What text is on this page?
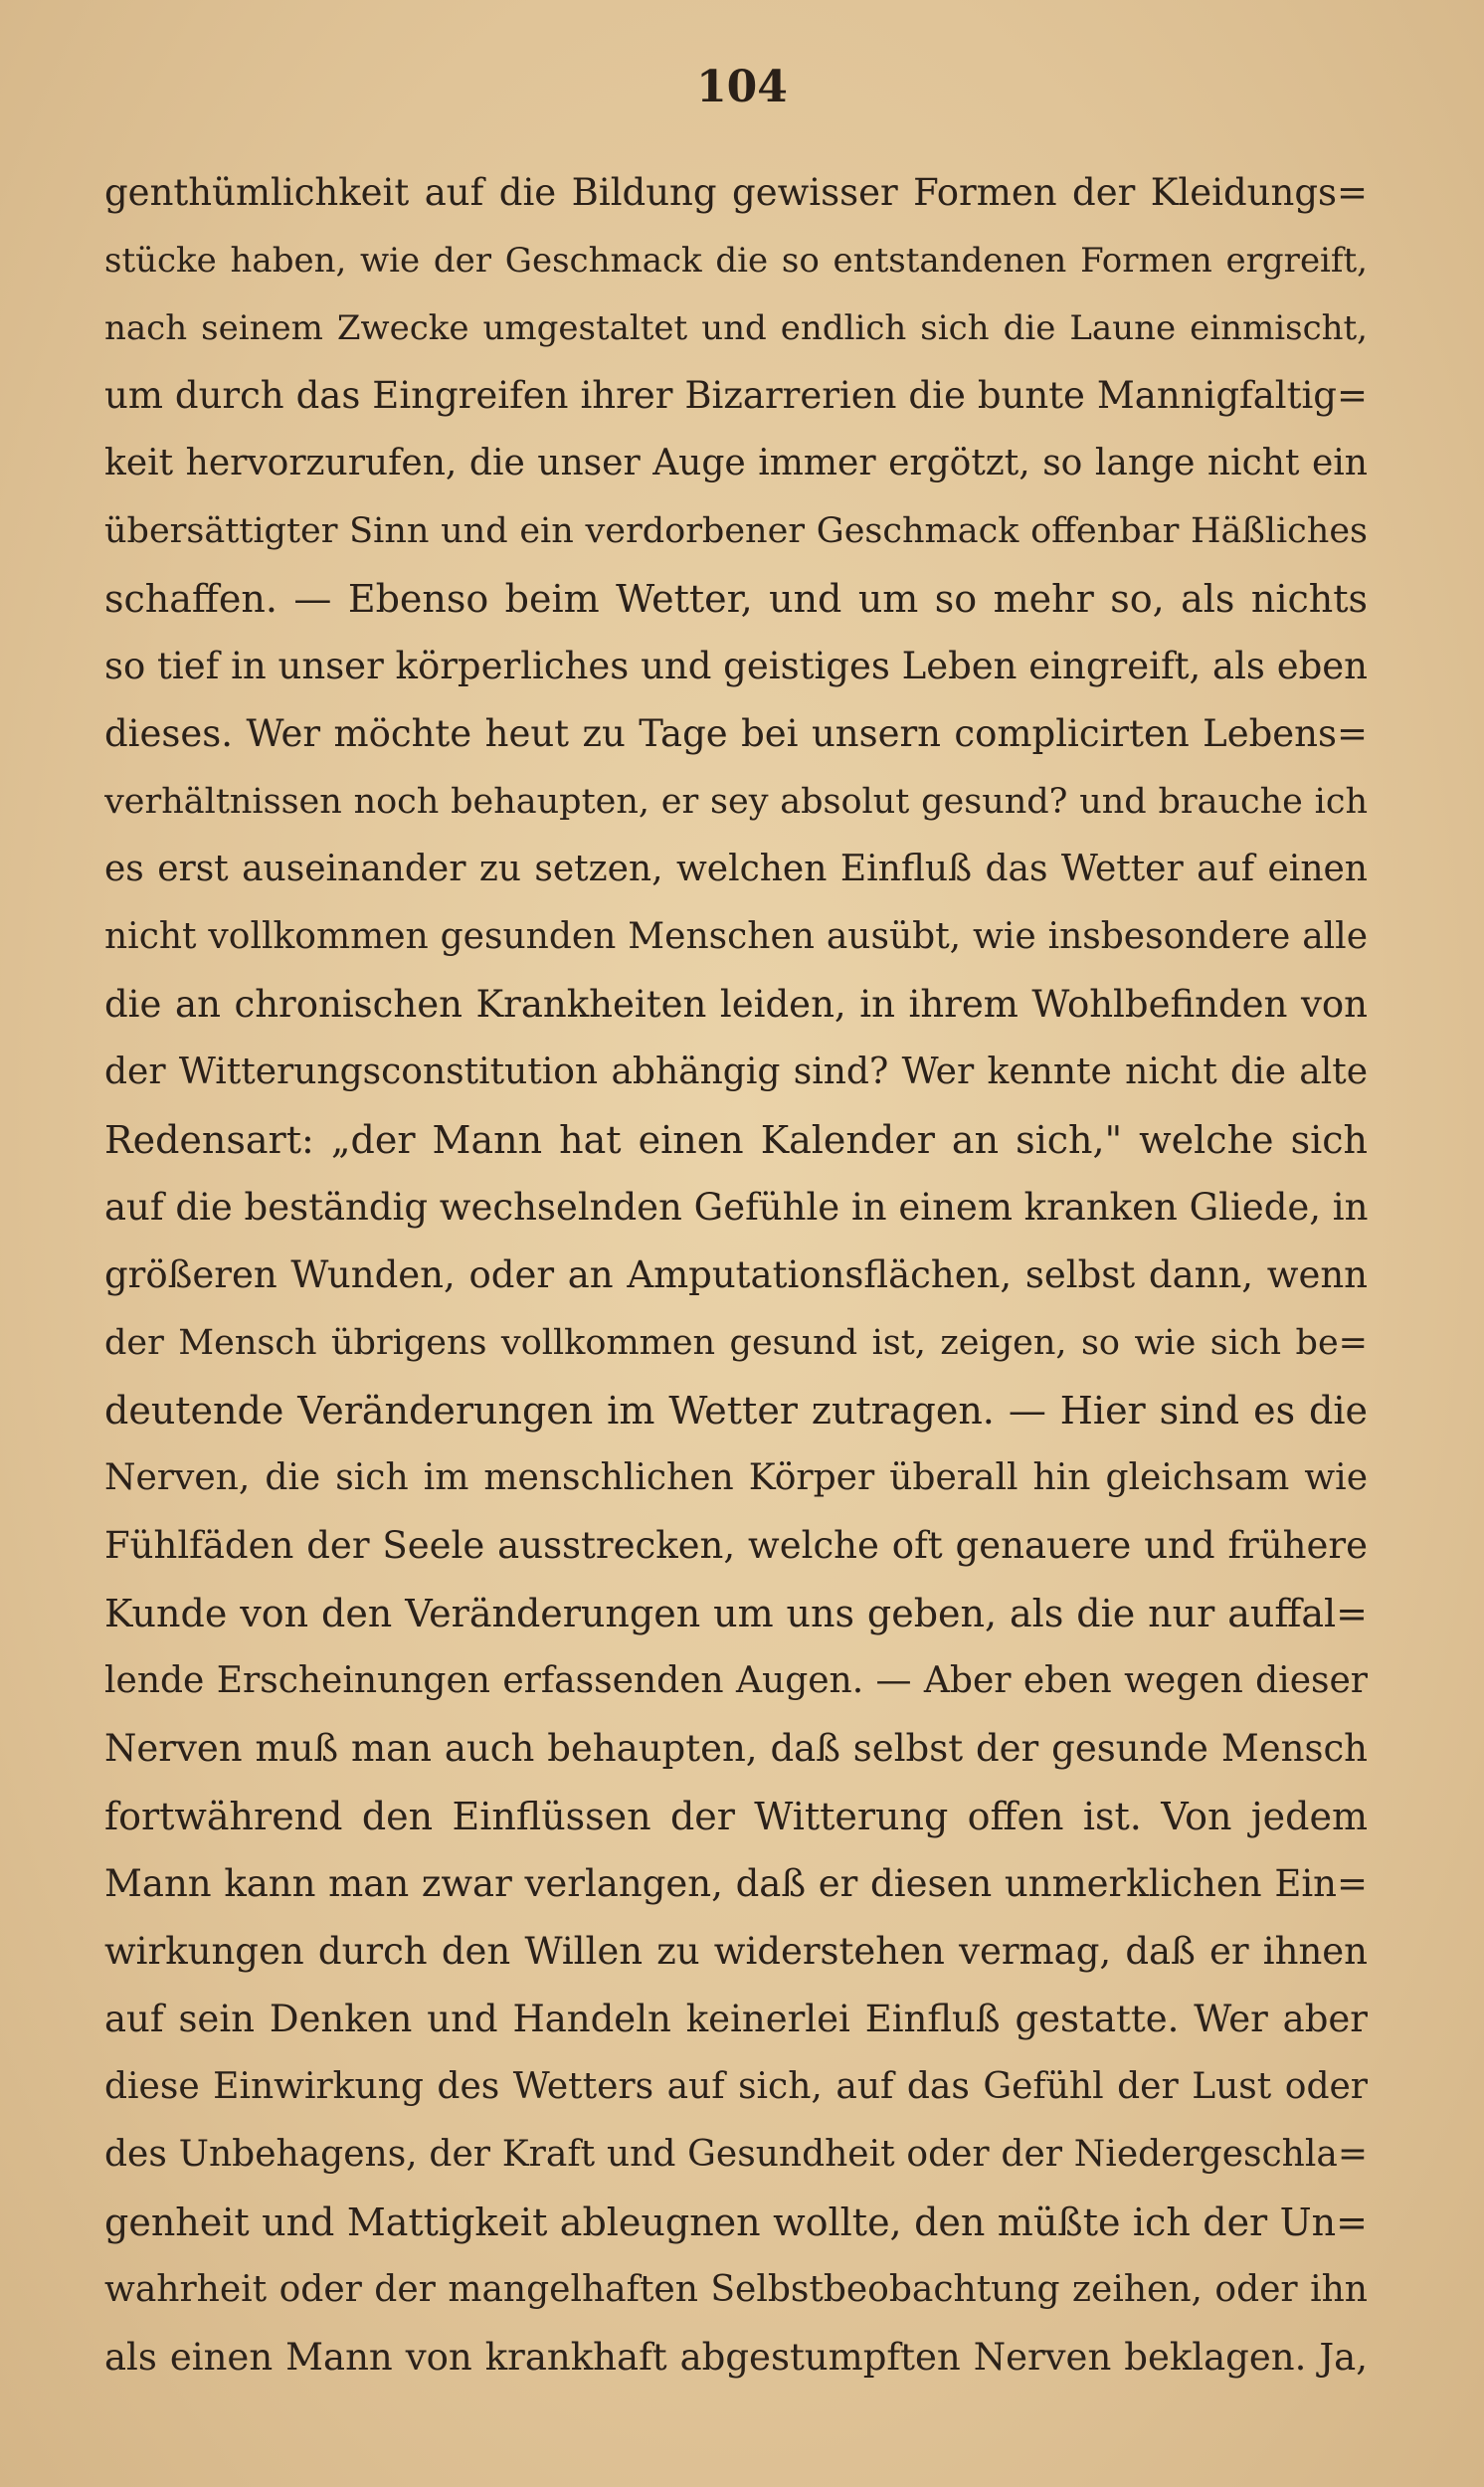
104
genthümlichkeit auf die Bildung gewisser Formen der Kleidungs=
stücke haben, wie der Geschmack die so entstandenen Formen ergreift,
nach seinem Zwecke umgestaltet und endlich sich die Laune einmischt,
um durch das Eingreifen ihrer Bizarrerien die bunte Mannigfaltig=
keit hervorzurufen, die unser Auge immer ergötzt, so lange nicht ein
übersättigter Sinn und ein verdorbener Geschmack offenbar Häßliches
schaffen. — Ebenso beim Wetter, und um so mehr so, als nichts
so tief in unser körperliches und geistiges Leben eingreift, als eben
dieses. Wer möchte heut zu Tage bei unsern complicirten Lebens=
verhältnissen noch behaupten, er sey absolut gesund? und brauche ich
es erst auseinander zu setzen, welchen Einfluß das Wetter auf einen
nicht vollkommen gesunden Menschen ausübt, wie insbesondere alle
die an chronischen Krankheiten leiden, in ihrem Wohlbefinden von
der Witterungsconstitution abhängig sind? Wer kennte nicht die alte
Redensart: „der Mann hat einen Kalender an sich," welche sich
auf die beständig wechselnden Gefühle in einem kranken Gliede, in
größeren Wunden, oder an Amputationsflächen, selbst dann, wenn
der Mensch übrigens vollkommen gesund ist, zeigen, so wie sich be=
deutende Veränderungen im Wetter zutragen. — Hier sind es die
Nerven, die sich im menschlichen Körper überall hin gleichsam wie
Fühlfäden der Seele ausstrecken, welche oft genauere und frühere
Kunde von den Veränderungen um uns geben, als die nur auffal=
lende Erscheinungen erfassenden Augen. — Aber eben wegen dieser
Nerven muß man auch behaupten, daß selbst der gesunde Mensch
fortwährend den Einflüssen der Witterung offen ist. Von jedem
Mann kann man zwar verlangen, daß er diesen unmerklichen Ein=
wirkungen durch den Willen zu widerstehen vermag, daß er ihnen
auf sein Denken und Handeln keinerlei Einfluß gestatte. Wer aber
diese Einwirkung des Wetters auf sich, auf das Gefühl der Lust oder
des Unbehagens, der Kraft und Gesundheit oder der Niedergeschla=
genheit und Mattigkeit ableugnen wollte, den müßte ich der Un=
wahrheit oder der mangelhaften Selbstbeobachtung zeihen, oder ihn
als einen Mann von krankhaft abgestumpften Nerven beklagen. Ja,
